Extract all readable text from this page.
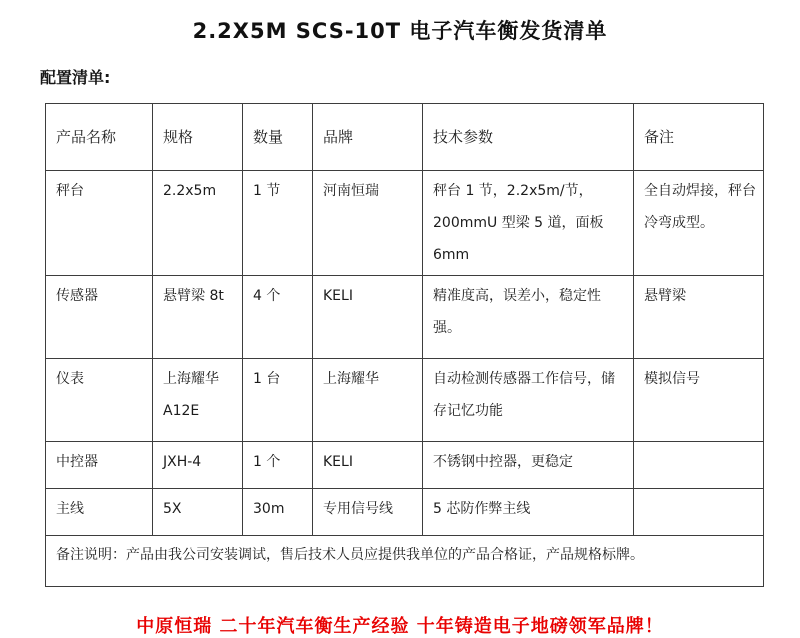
2.2X5M SCS-10T 电子汽车衡发货清单
配置清单:
产品名称	规格	数量	品牌	技术参数	备注
秤台	2.2x5m	1 节	河南恒瑞	秤台 1 节，2.2x5m/节，200mmU 型梁 5 道，面板 6mm	全自动焊接，秤台冷弯成型。
传感器	悬臂梁 8t	4 个	KELI	精准度高，误差小，稳定性强。	悬臂梁
仪表	上海耀华 A12E	1 台	上海耀华	自动检测传感器工作信号，储存记忆功能	模拟信号
中控器	JXH-4	1 个	KELI	不锈钢中控器，更稳定	
主线	5X	30m	专用信号线	5 芯防作弊主线	
备注说明：产品由我公司安装调试，售后技术人员应提供我单位的产品合格证，产品规格标牌。					
中原恒瑞 二十年汽车衡生产经验 十年铸造电子地磅领军品牌！
